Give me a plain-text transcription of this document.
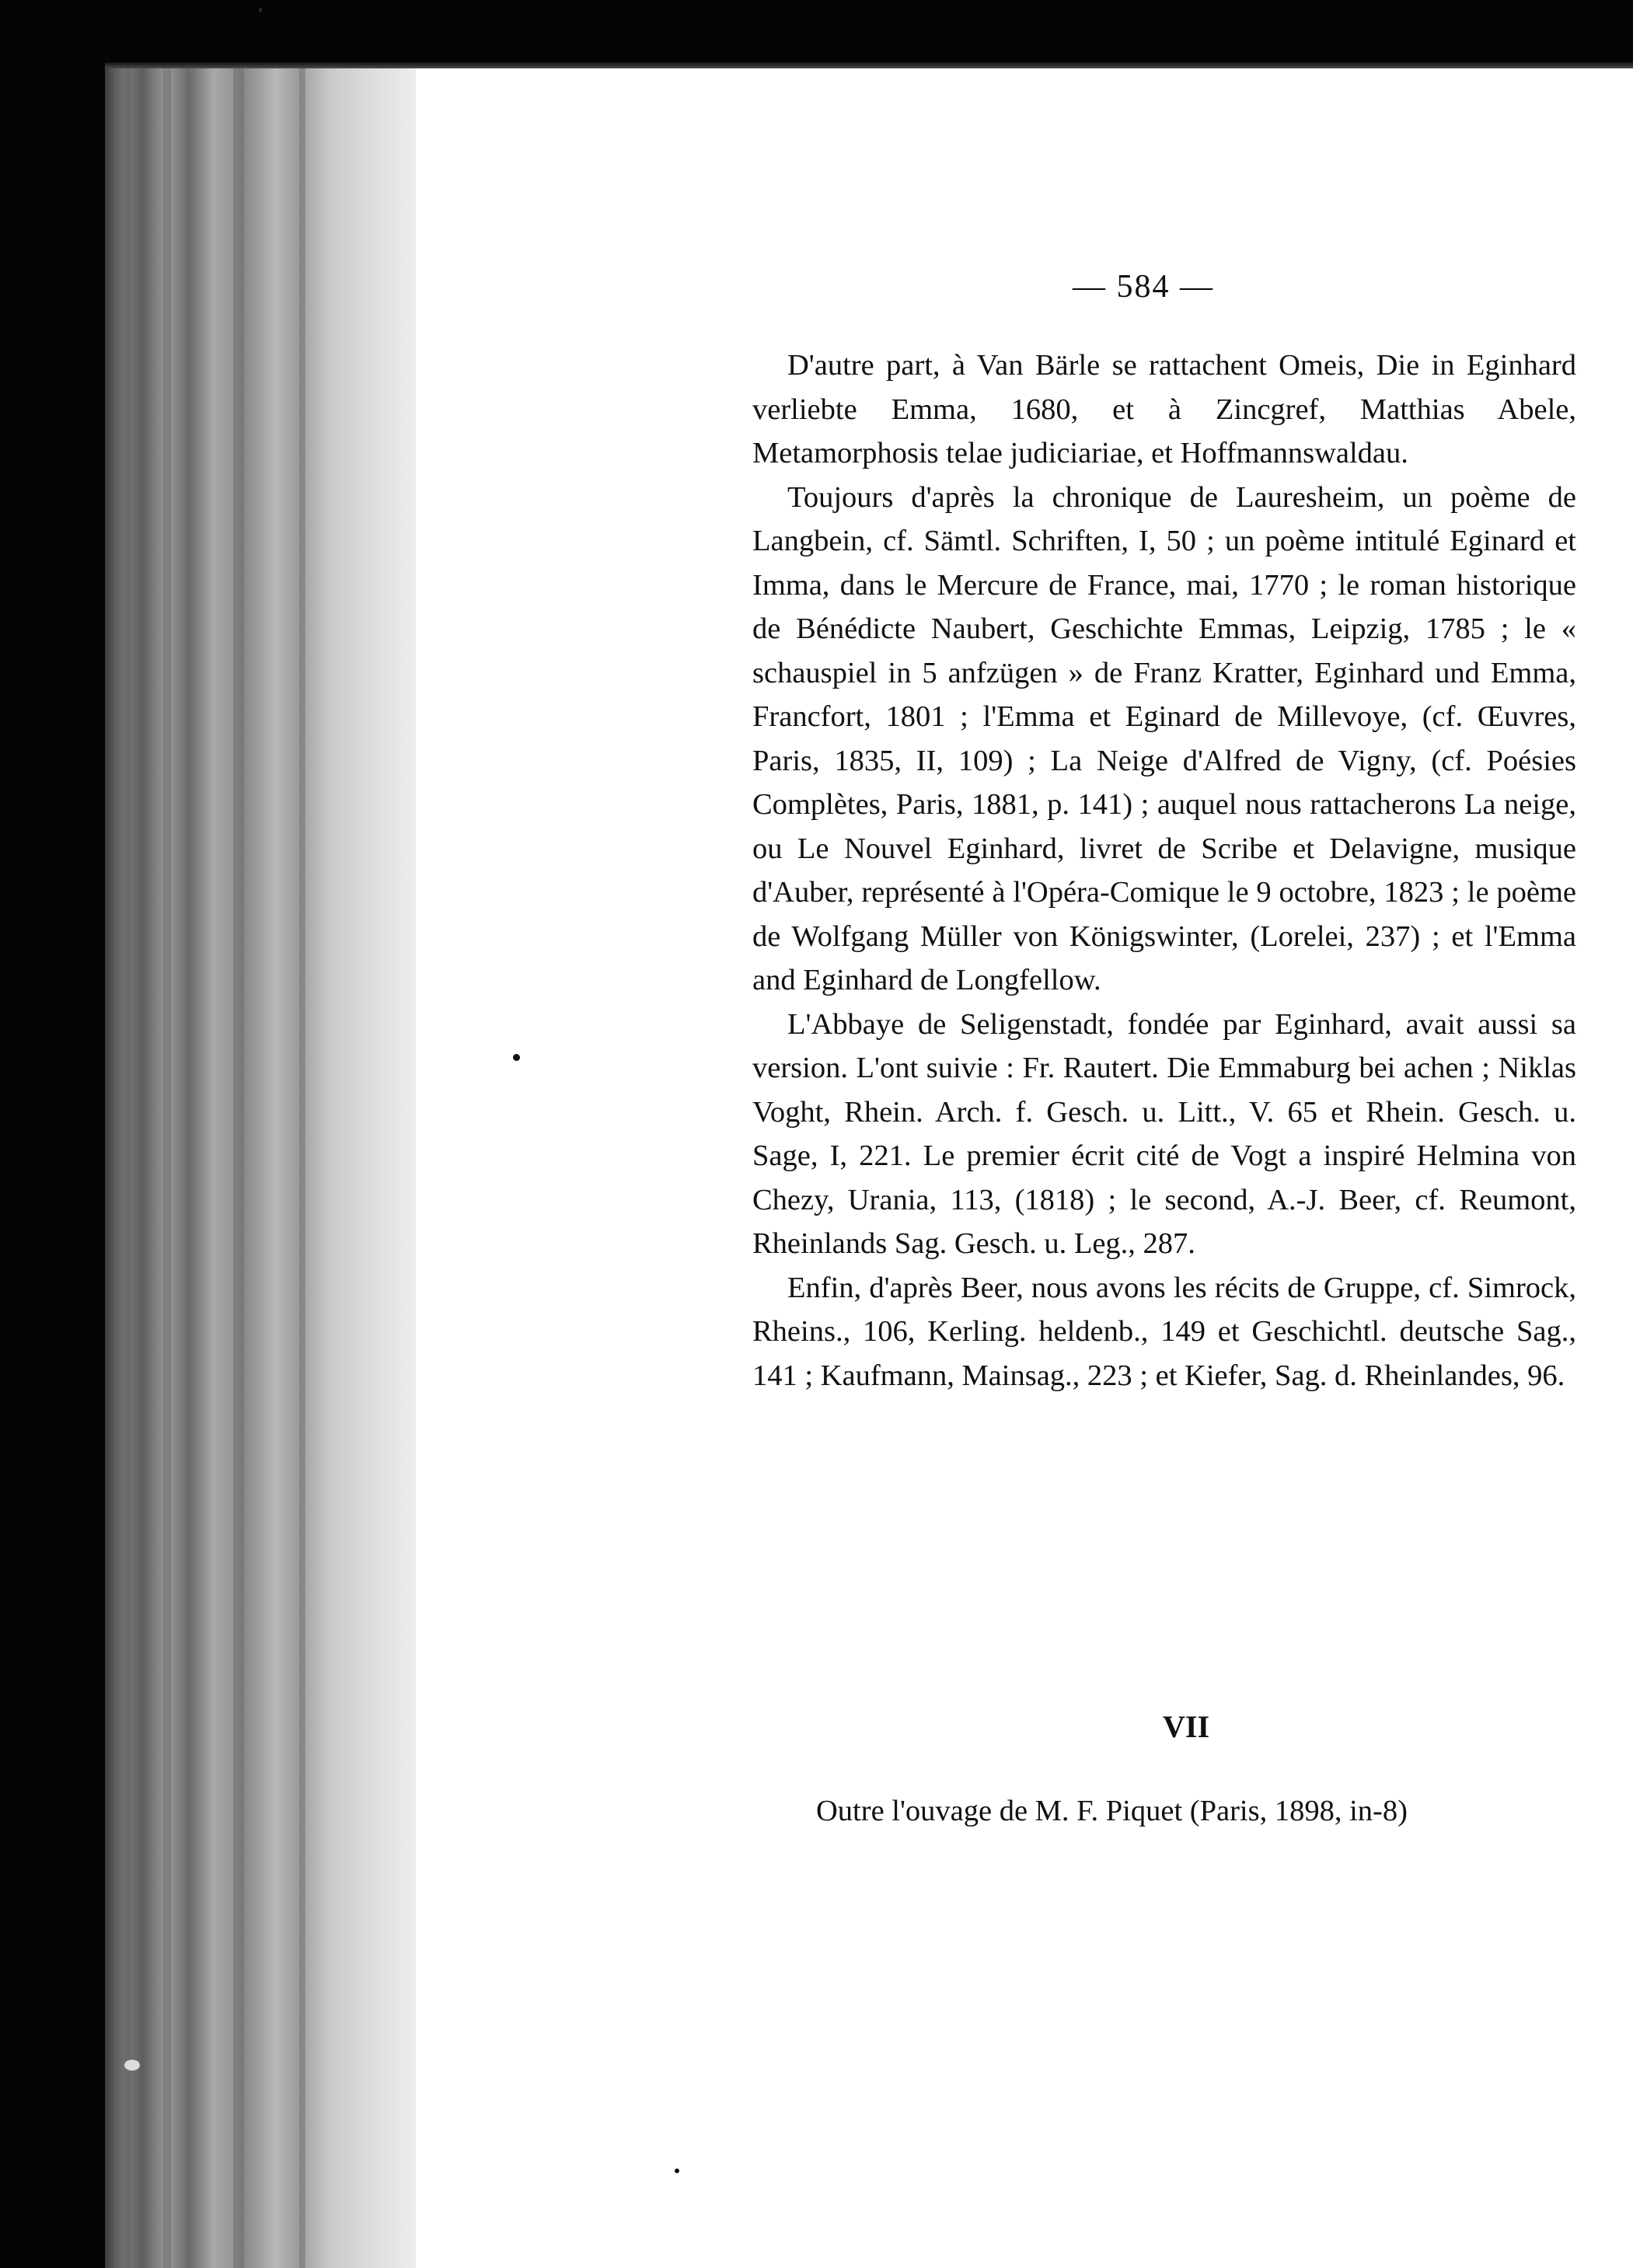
— 584 —

D'autre part, à Van Bärle se rattachent Omeis, Die in Eginhard verliebte Emma, 1680, et à Zincgref, Matthias Abele, Metamorphosis telae judiciariae, et Hoffmannswaldau.

Toujours d'après la chronique de Lauresheim, un poème de Langbein, cf. Sämtl. Schriften, I, 50 ; un poème intitulé Eginard et Imma, dans le Mercure de France, mai, 1770 ; le roman historique de Bénédicte Naubert, Geschichte Emmas, Leipzig, 1785 ; le « schauspiel in 5 anfzügen » de Franz Kratter, Eginhard und Emma, Francfort, 1801 ; l'Emma et Eginard de Millevoye, (cf. Œuvres, Paris, 1835, II, 109) ; La Neige d'Alfred de Vigny, (cf. Poésies Complètes, Paris, 1881, p. 141) ; auquel nous rattacherons La neige, ou Le Nouvel Eginhard, livret de Scribe et Delavigne, musique d'Auber, représenté à l'Opéra-Comique le 9 octobre, 1823 ; le poème de Wolfgang Müller von Königswinter, (Lorelei, 237) ; et l'Emma and Eginhard de Longfellow.

L'Abbaye de Seligenstadt, fondée par Eginhard, avait aussi sa version. L'ont suivie : Fr. Rautert. Die Emmaburg bei achen ; Niklas Voght, Rhein. Arch. f. Gesch. u. Litt., V. 65 et Rhein. Gesch. u. Sage, I, 221. Le premier écrit cité de Vogt a inspiré Helmina von Chezy, Urania, 113, (1818) ; le second, A.-J. Beer, cf. Reumont, Rheinlands Sag. Gesch. u. Leg., 287.

Enfin, d'après Beer, nous avons les récits de Gruppe, cf. Simrock, Rheins., 106, Kerling. heldenb., 149 et Geschichtl. deutsche Sag., 141 ; Kaufmann, Mainsag., 223 ; et Kiefer, Sag. d. Rheinlandes, 96.

VII
Outre l'ouvage de M. F. Piquet (Paris, 1898, in-8)
